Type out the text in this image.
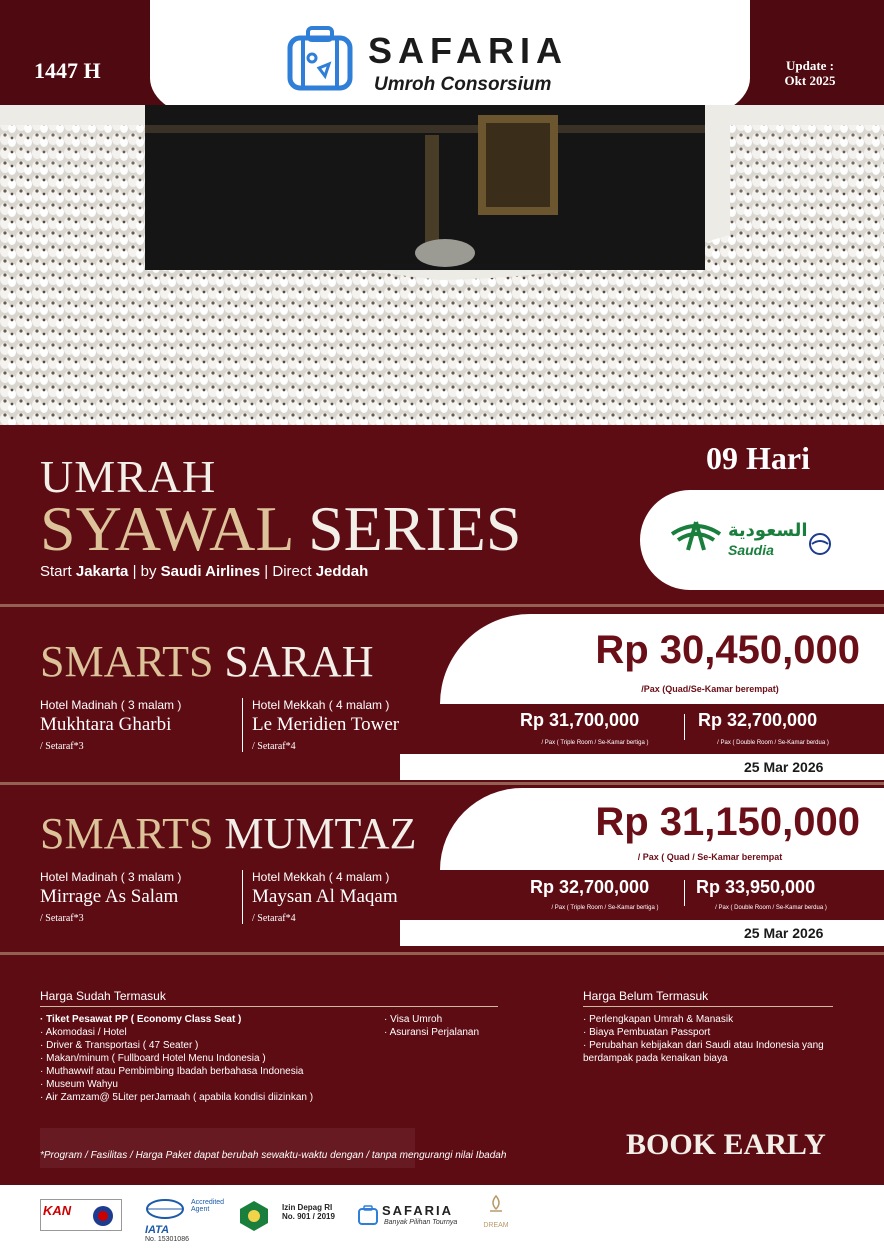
1447 H	Update :
Okt 2025
SAFARIA
Umroh Consorsium
UMRAH
SYAWAL SERIES
Start Jakarta | by Saudi Airlines | Direct Jeddah
09 Hari
السعودية
Saudia
SMARTS SARAH
Hotel Madinah ( 3 malam )
Mukhtara Gharbi
/ Setaraf*3
Hotel Mekkah ( 4 malam )
Le Meridien Tower
/ Setaraf*4
Rp 30,450,000
/Pax (Quad/Se-Kamar berempat)
Rp 31,700,000
/ Pax ( Triple Room / Se-Kamar bertiga )
Rp 32,700,000
/ Pax ( Double Room / Se-Kamar berdua )
25 Mar 2026
SMARTS MUMTAZ
Hotel Madinah ( 3 malam )
Mirrage As Salam
/ Setaraf*3
Hotel Mekkah ( 4 malam )
Maysan Al Maqam
/ Setaraf*4
Rp 31,150,000
/ Pax ( Quad / Se-Kamar berempat
Rp 32,700,000
/ Pax ( Triple Room / Se-Kamar bertiga )
Rp 33,950,000
/ Pax ( Double Room / Se-Kamar berdua )
25 Mar 2026
Harga Sudah Termasuk
· Tiket Pesawat PP ( Economy Class Seat )
· Akomodasi / Hotel
· Driver & Transportasi ( 47 Seater )
· Makan/minum ( Fullboard Hotel Menu Indonesia )
· Muthawwif atau Pembimbing Ibadah berbahasa Indonesia
· Museum Wahyu
· Air Zamzam@ 5Liter perJamaah ( apabila kondisi diizinkan )
· Visa Umroh
· Asuransi Perjalanan
Harga Belum Termasuk
· Perlengkapan Umrah & Manasik
· Biaya Pembuatan Passport
· Perubahan kebijakan dari Saudi atau Indonesia yang berdampak pada kenaikan biaya
*Program / Fasilitas / Harga Paket dapat berubah sewaktu-waktu dengan / tanpa mengurangi nilai Ibadah	BOOK EARLY
KAN
IATA
Accredited Agent
No. 15301086
Izin Depag RI
No. 901 / 2019	SAFARIA
Banyak Pilihan Tournya	DREAM
